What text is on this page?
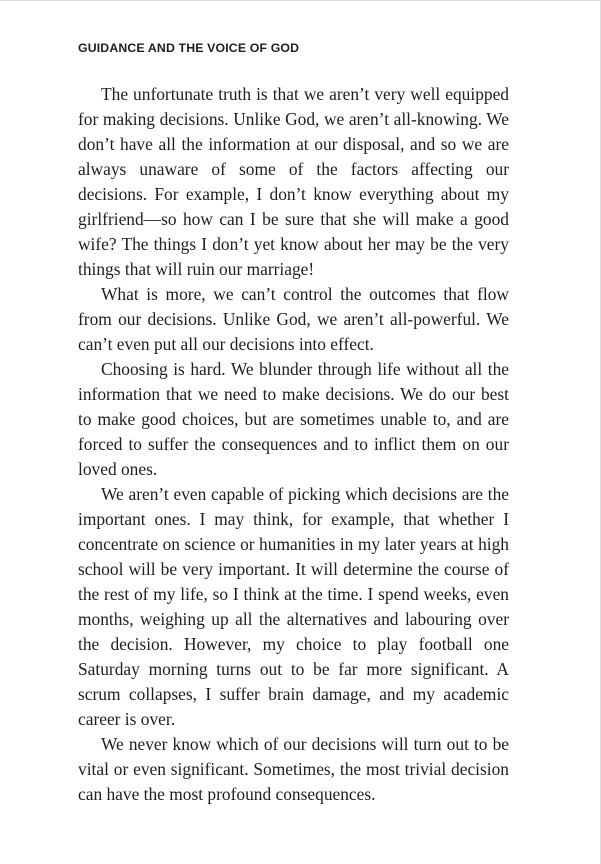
GUIDANCE AND THE VOICE OF GOD

The unfortunate truth is that we aren’t very well equipped for making decisions. Unlike God, we aren’t all-knowing. We don’t have all the information at our disposal, and so we are always unaware of some of the factors affecting our decisions. For example, I don’t know everything about my girlfriend—so how can I be sure that she will make a good wife? The things I don’t yet know about her may be the very things that will ruin our marriage!

What is more, we can’t control the outcomes that flow from our decisions. Unlike God, we aren’t all-powerful. We can’t even put all our decisions into effect.

Choosing is hard. We blunder through life without all the information that we need to make decisions. We do our best to make good choices, but are sometimes unable to, and are forced to suffer the consequences and to inflict them on our loved ones.

We aren’t even capable of picking which decisions are the important ones. I may think, for example, that whether I concentrate on science or humanities in my later years at high school will be very important. It will determine the course of the rest of my life, so I think at the time. I spend weeks, even months, weighing up all the alternatives and labouring over the decision. However, my choice to play football one Saturday morning turns out to be far more significant. A scrum collapses, I suffer brain damage, and my academic career is over.

We never know which of our decisions will turn out to be vital or even significant. Sometimes, the most trivial decision can have the most profound consequences.
